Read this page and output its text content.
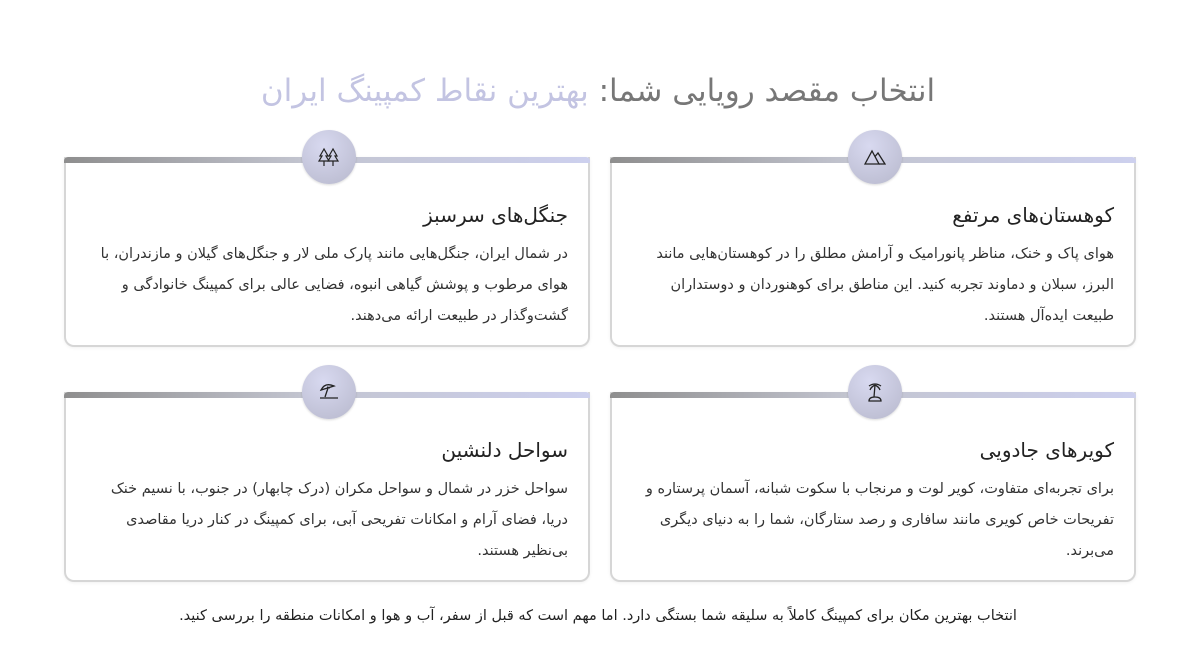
انتخاب مقصد رویایی شما: بهترین نقاط کمپینگ ایران
کوهستان‌های مرتفع

هوای پاک و خنک، مناظر پانورامیک و آرامش مطلق را در کوهستان‌هایی مانند البرز، سبلان و دماوند تجربه کنید. این مناطق برای کوهنوردان و دوستداران طبیعت ایده‌آل هستند.

جنگل‌های سرسبز

در شمال ایران، جنگل‌هایی مانند پارک ملی لار و جنگل‌های گیلان و مازندران، با هوای مرطوب و پوشش گیاهی انبوه، فضایی عالی برای کمپینگ خانوادگی و گشت‌وگذار در طبیعت ارائه می‌دهند.

کویرهای جادویی

برای تجربه‌ای متفاوت، کویر لوت و مرنجاب با سکوت شبانه، آسمان پرستاره و تفریحات خاص کویری مانند سافاری و رصد ستارگان، شما را به دنیای دیگری می‌برند.

سواحل دلنشین

سواحل خزر در شمال و سواحل مکران (درک چابهار) در جنوب، با نسیم خنک دریا، فضای آرام و امکانات تفریحی آبی، برای کمپینگ در کنار دریا مقاصدی بی‌نظیر هستند.

انتخاب بهترین مکان برای کمپینگ کاملاً به سلیقه شما بستگی دارد. اما مهم است که قبل از سفر، آب و هوا و امکانات منطقه را بررسی کنید.
